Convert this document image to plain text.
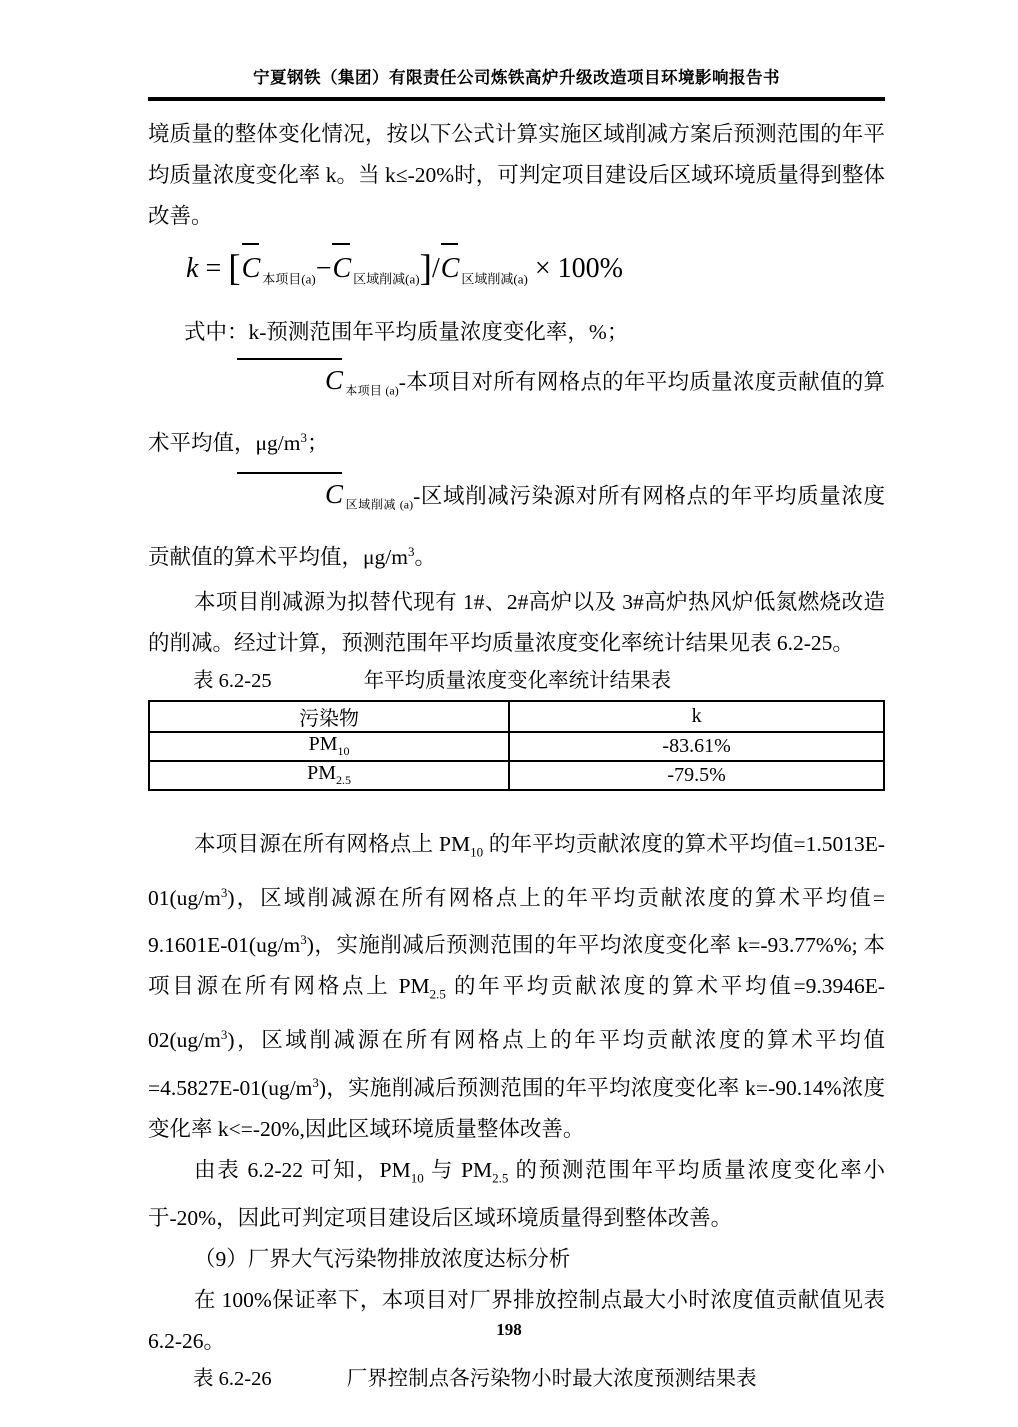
宁夏钢铁（集团）有限责任公司炼铁高炉升级改造项目环境影响报告书

境质量的整体变化情况，按以下公式计算实施区域削减方案后预测范围的年平均质量浓度变化率 k。当 k≤-20%时，可判定项目建设后区域环境质量得到整体改善。

k = [C $_{本项目(a)}$−C $_{区域削减(a)}$]/C $_{区域削减(a)}$ × 100%

式中：k-预测范围年平均质量浓度变化率，%；

C $_{本项目 (a)}$-本项目对所有网格点的年平均质量浓度贡献值的算术平均值，$\mu g/m^3$；

C $_{区域削减 (a)}$-区域削减污染源对所有网格点的年平均质量浓度贡献值的算术平均值，$\mu g/m^3$。

本项目削减源为拟替代现有 1#、2#高炉以及 3#高炉热风炉低氮燃烧改造的削减。经过计算，预测范围年平均质量浓度变化率统计结果见表 6.2-25。

表 6.2-25	年平均质量浓度变化率统计结果表
污染物	k
$PM_{10}$	-83.61%
$PM_{2.5}$	-79.5%

本项目源在所有网格点上 $PM_{10}$ 的年平均贡献浓度的算术平均值$=1.5013E-01(ug/m^3)$，区域削减源在所有网格点上的年平均贡献浓度的算术平均值= $9.1601E-01(ug/m^3)$，实施削减后预测范围的年平均浓度变化率 k=-93.77%%; 本项目源在所有网格点上 $PM_{2.5}$ 的年平均贡献浓度的算术平均值$=9.3946E-02(ug/m^3)$，区域削减源在所有网格点上的年平均贡献浓度的算术平均值$=4.5827E-01(ug/m^3)$，实施削减后预测范围的年平均浓度变化率 k=-90.14%浓度变化率 k<=-20%,因此区域环境质量整体改善。

由表 6.2-22 可知，$PM_{10}$ 与 $PM_{2.5}$ 的预测范围年平均质量浓度变化率小于-20%，因此可判定项目建设后区域环境质量得到整体改善。

（9）厂界大气污染物排放浓度达标分析

在 100%保证率下，本项目对厂界排放控制点最大小时浓度值贡献值见表 6.2-26。

表 6.2-26	厂界控制点各污染物小时最大浓度预测结果表
198
